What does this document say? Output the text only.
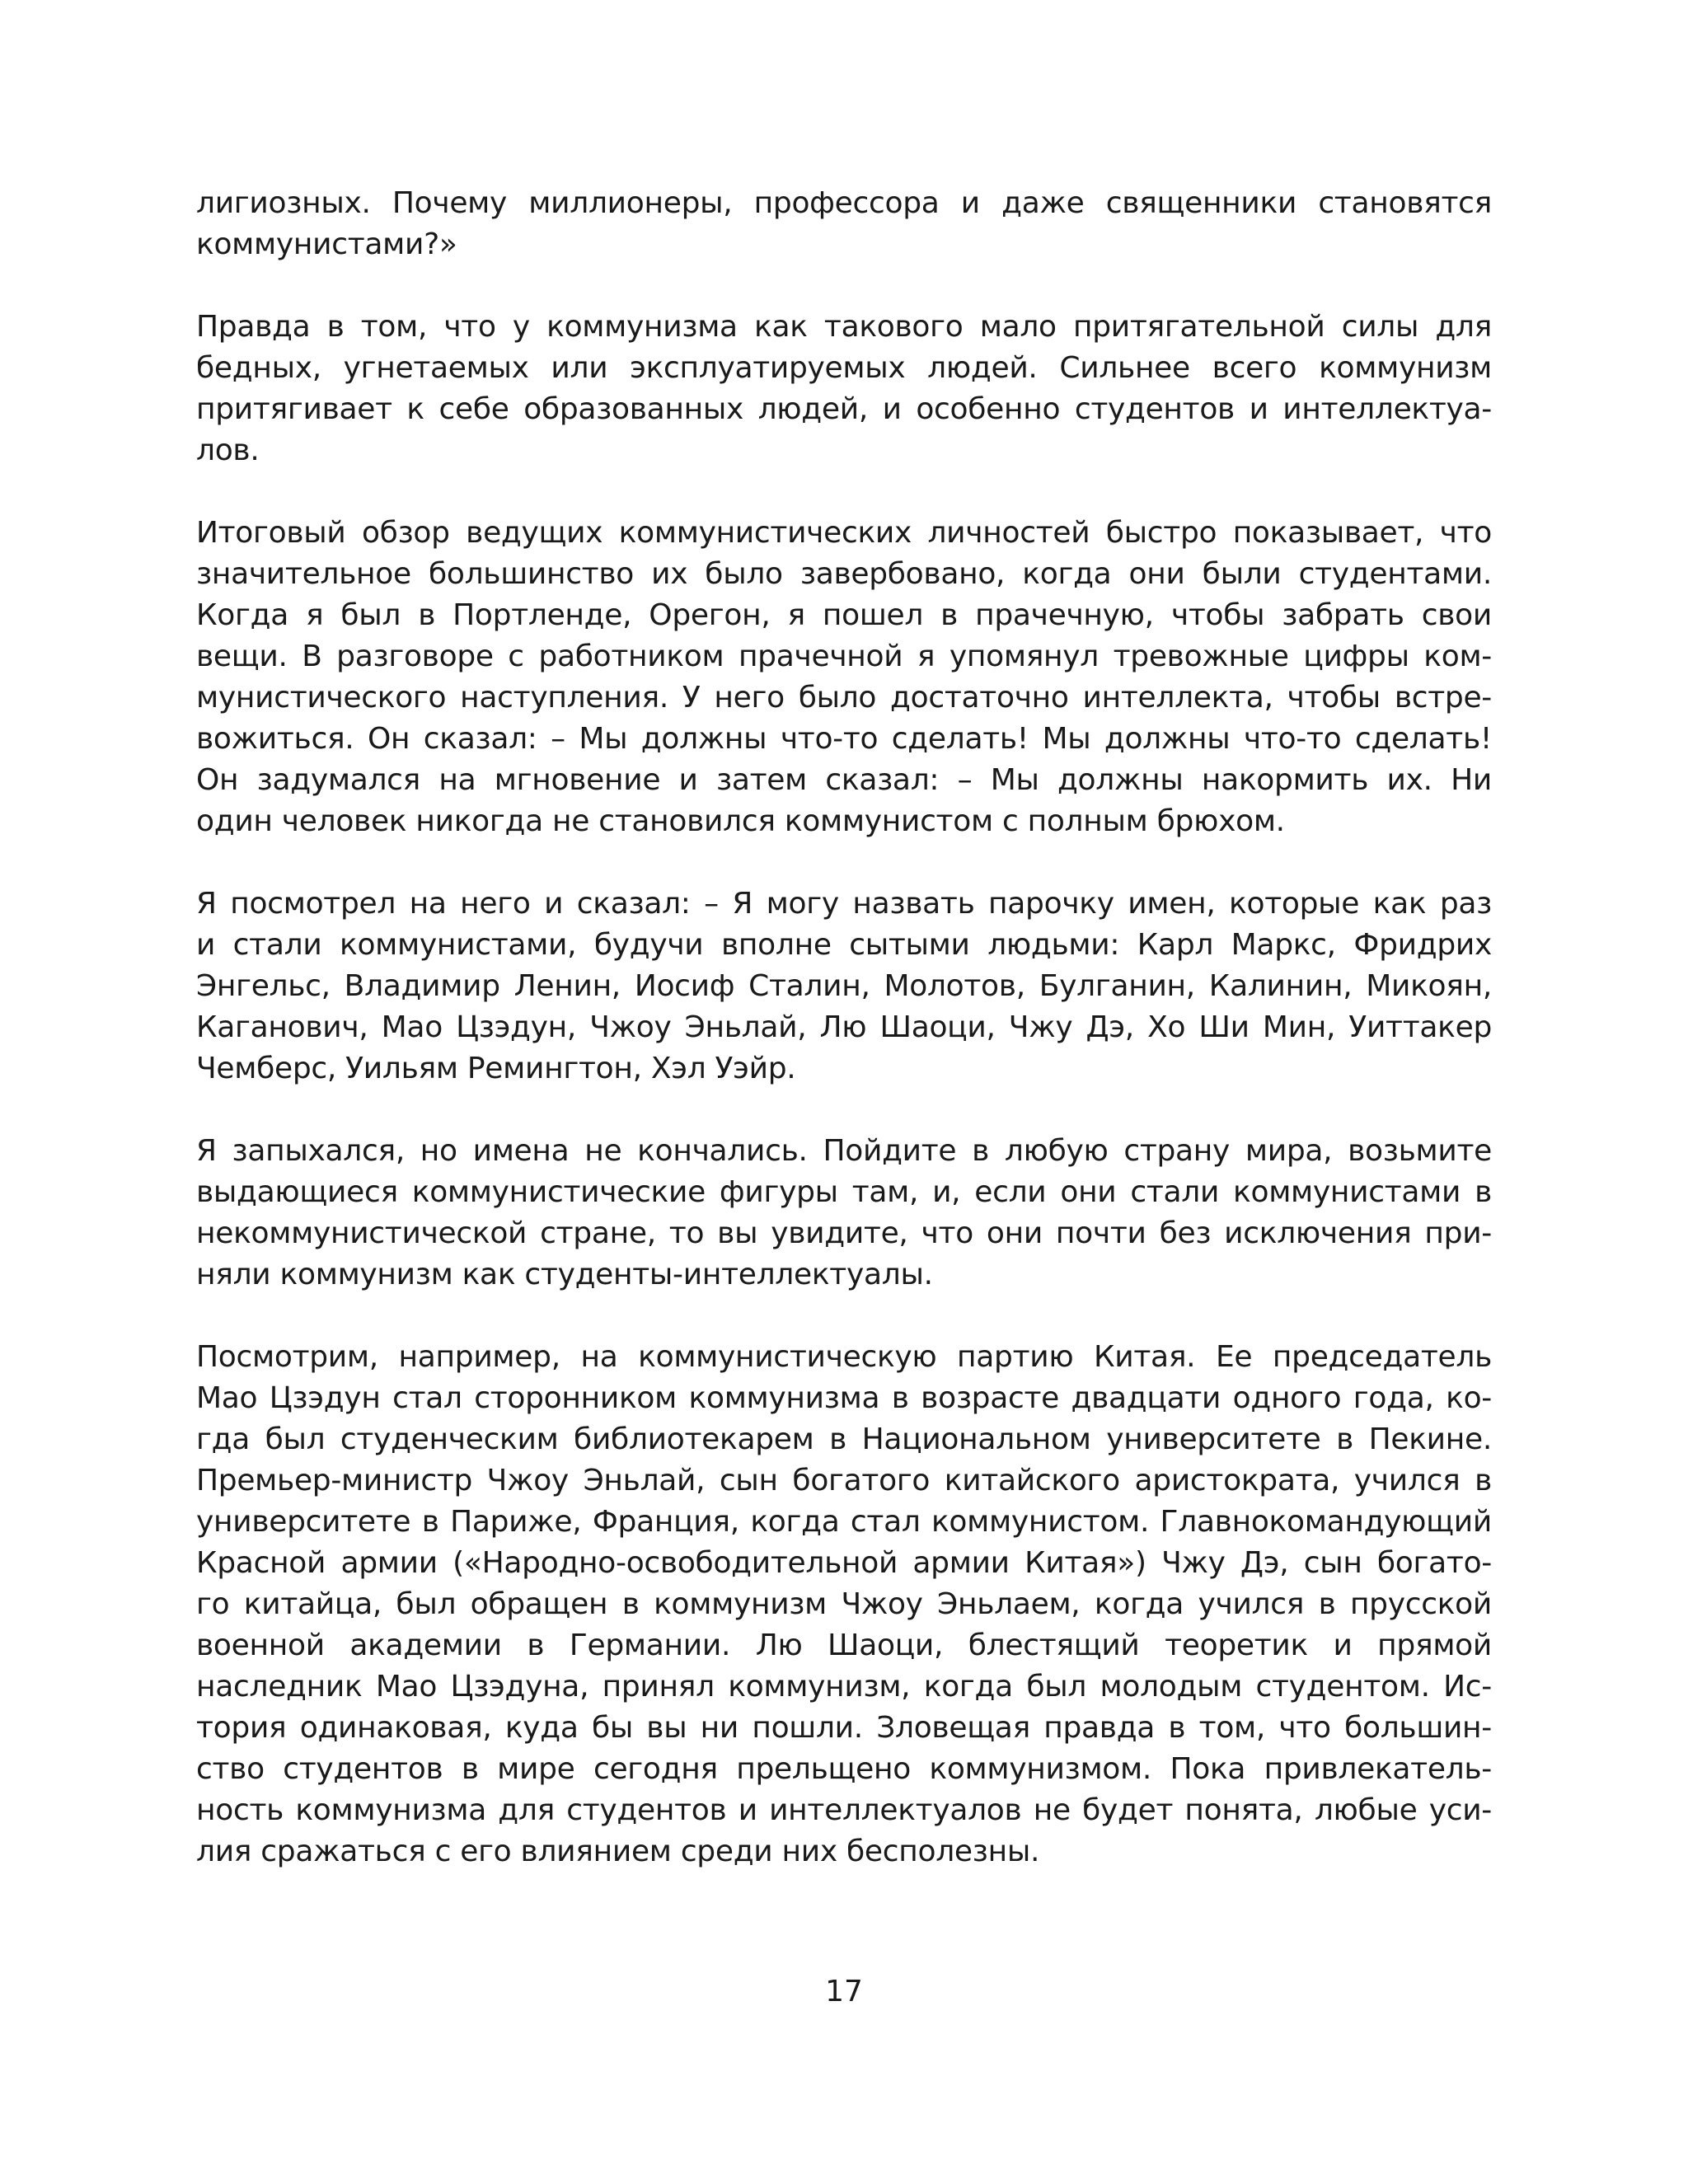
лигиозных. Почему миллионеры, профессора и даже священники становятся
коммунистами?»

Правда в том, что у коммунизма как такового мало притягательной силы для
бедных, угнетаемых или эксплуатируемых людей. Сильнее всего коммунизм
притягивает к себе образованных людей, и особенно студентов и интеллектуа-
лов.

Итоговый обзор ведущих коммунистических личностей быстро показывает, что
значительное большинство их было завербовано, когда они были студентами.
Когда я был в Портленде, Орегон, я пошел в прачечную, чтобы забрать свои
вещи. В разговоре с работником прачечной я упомянул тревожные цифры ком-
мунистического наступления. У него было достаточно интеллекта, чтобы встре-
вожиться. Он сказал: – Мы должны что-то сделать! Мы должны что-то сделать!
Он задумался на мгновение и затем сказал: – Мы должны накормить их. Ни
один человек никогда не становился коммунистом с полным брюхом.

Я посмотрел на него и сказал: – Я могу назвать парочку имен, которые как раз
и стали коммунистами, будучи вполне сытыми людьми: Карл Маркс, Фридрих
Энгельс, Владимир Ленин, Иосиф Сталин, Молотов, Булганин, Калинин, Микоян,
Каганович, Мао Цзэдун, Чжоу Эньлай, Лю Шаоци, Чжу Дэ, Хо Ши Мин, Уиттакер
Чемберс, Уильям Ремингтон, Хэл Уэйр.

Я запыхался, но имена не кончались. Пойдите в любую страну мира, возьмите
выдающиеся коммунистические фигуры там, и, если они стали коммунистами в
некоммунистической стране, то вы увидите, что они почти без исключения при-
няли коммунизм как студенты-интеллектуалы.

Посмотрим, например, на коммунистическую партию Китая. Ее председатель
Мао Цзэдун стал сторонником коммунизма в возрасте двадцати одного года, ко-
гда был студенческим библиотекарем в Национальном университете в Пекине.
Премьер-министр Чжоу Эньлай, сын богатого китайского аристократа, учился в
университете в Париже, Франция, когда стал коммунистом. Главнокомандующий
Красной армии («Народно-освободительной армии Китая») Чжу Дэ, сын богато-
го китайца, был обращен в коммунизм Чжоу Эньлаем, когда учился в прусской
военной академии в Германии. Лю Шаоци, блестящий теоретик и прямой
наследник Мао Цзэдуна, принял коммунизм, когда был молодым студентом. Ис-
тория одинаковая, куда бы вы ни пошли. Зловещая правда в том, что большин-
ство студентов в мире сегодня прельщено коммунизмом. Пока привлекатель-
ность коммунизма для студентов и интеллектуалов не будет понята, любые уси-
лия сражаться с его влиянием среди них бесполезны.

17
